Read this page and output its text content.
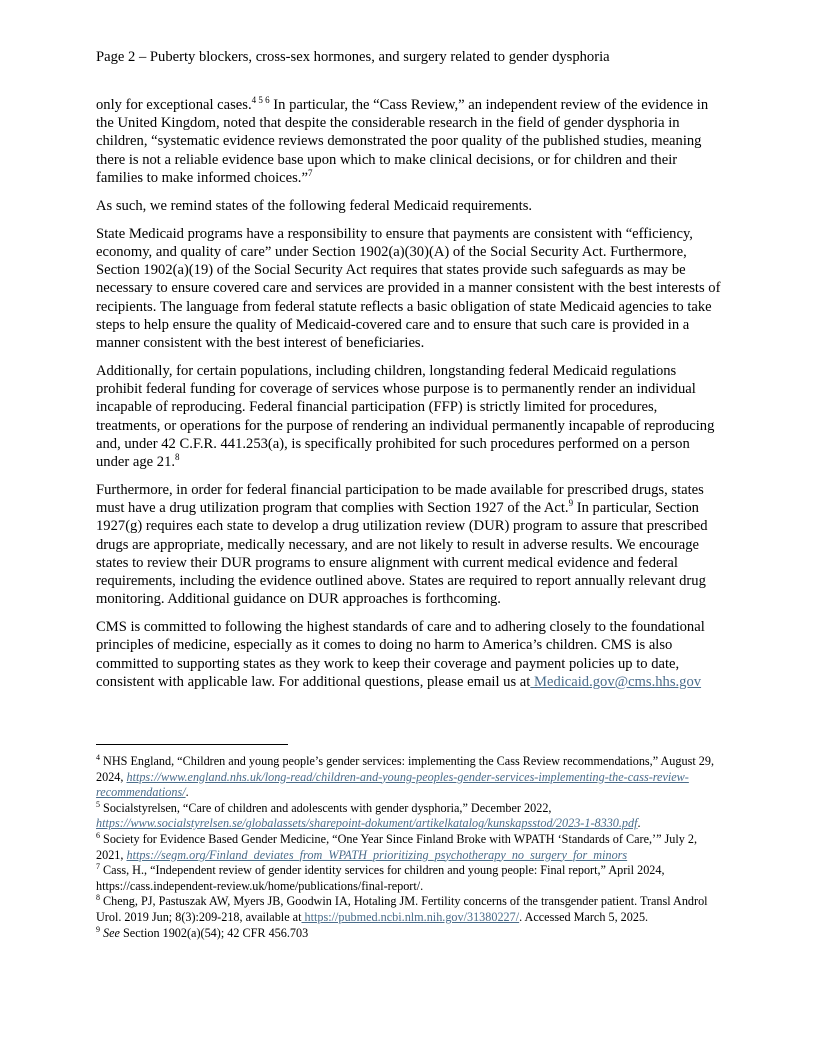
Page 2 – Puberty blockers, cross-sex hormones, and surgery related to gender dysphoria

only for exceptional cases.$^{4 5 6}$ In particular, the “Cass Review,” an independent review of the evidence in the United Kingdom, noted that despite the considerable research in the field of gender dysphoria in children, “systematic evidence reviews demonstrated the poor quality of the published studies, meaning there is not a reliable evidence base upon which to make clinical decisions, or for children and their families to make informed choices.”$^7$

As such, we remind states of the following federal Medicaid requirements.

State Medicaid programs have a responsibility to ensure that payments are consistent with “efficiency, economy, and quality of care” under Section 1902(a)(30)(A) of the Social Security Act. Furthermore, Section 1902(a)(19) of the Social Security Act requires that states provide such safeguards as may be necessary to ensure covered care and services are provided in a manner consistent with the best interests of recipients. The language from federal statute reflects a basic obligation of state Medicaid agencies to take steps to help ensure the quality of Medicaid-covered care and to ensure that such care is provided in a manner consistent with the best interest of beneficiaries.

Additionally, for certain populations, including children, longstanding federal Medicaid regulations prohibit federal funding for coverage of services whose purpose is to permanently render an individual incapable of reproducing. Federal financial participation (FFP) is strictly limited for procedures, treatments, or operations for the purpose of rendering an individual permanently incapable of reproducing and, under 42 C.F.R. 441.253(a), is specifically prohibited for such procedures performed on a person under age 21.$^8$

Furthermore, in order for federal financial participation to be made available for prescribed drugs, states must have a drug utilization program that complies with Section 1927 of the Act.$^9$ In particular, Section 1927(g) requires each state to develop a drug utilization review (DUR) program to assure that prescribed drugs are appropriate, medically necessary, and are not likely to result in adverse results. We encourage states to review their DUR programs to ensure alignment with current medical evidence and federal requirements, including the evidence outlined above. States are required to report annually relevant drug monitoring. Additional guidance on DUR approaches is forthcoming.

CMS is committed to following the highest standards of care and to adhering closely to the foundational principles of medicine, especially as it comes to doing no harm to America’s children. CMS is also committed to supporting states as they work to keep their coverage and payment policies up to date, consistent with applicable law. For additional questions, please email us at Medicaid.gov@cms.hhs.gov

$^4$ NHS England, “Children and young people’s gender services: implementing the Cass Review recommendations,” August 29, 2024, https://www.england.nhs.uk/long-read/children-and-young-peoples-gender-services-implementing-the-cass-review-recommendations/.

$^5$ Socialstyrelsen, “Care of children and adolescents with gender dysphoria,” December 2022, https://www.socialstyrelsen.se/globalassets/sharepoint-dokument/artikelkatalog/kunskapsstod/2023-1-8330.pdf.

$^6$ Society for Evidence Based Gender Medicine, “One Year Since Finland Broke with WPATH ‘Standards of Care,’” July 2, 2021, https://segm.org/Finland_deviates_from_WPATH_prioritizing_psychotherapy_no_surgery_for_minors

$^7$ Cass, H., “Independent review of gender identity services for children and young people: Final report,” April 2024, https://cass.independent-review.uk/home/publications/final-report/.

$^8$ Cheng, PJ, Pastuszak AW, Myers JB, Goodwin IA, Hotaling JM. Fertility concerns of the transgender patient. Transl Androl Urol. 2019 Jun; 8(3):209-218, available at https://pubmed.ncbi.nlm.nih.gov/31380227/. Accessed March 5, 2025.

$^9$ See Section 1902(a)(54); 42 CFR 456.703
